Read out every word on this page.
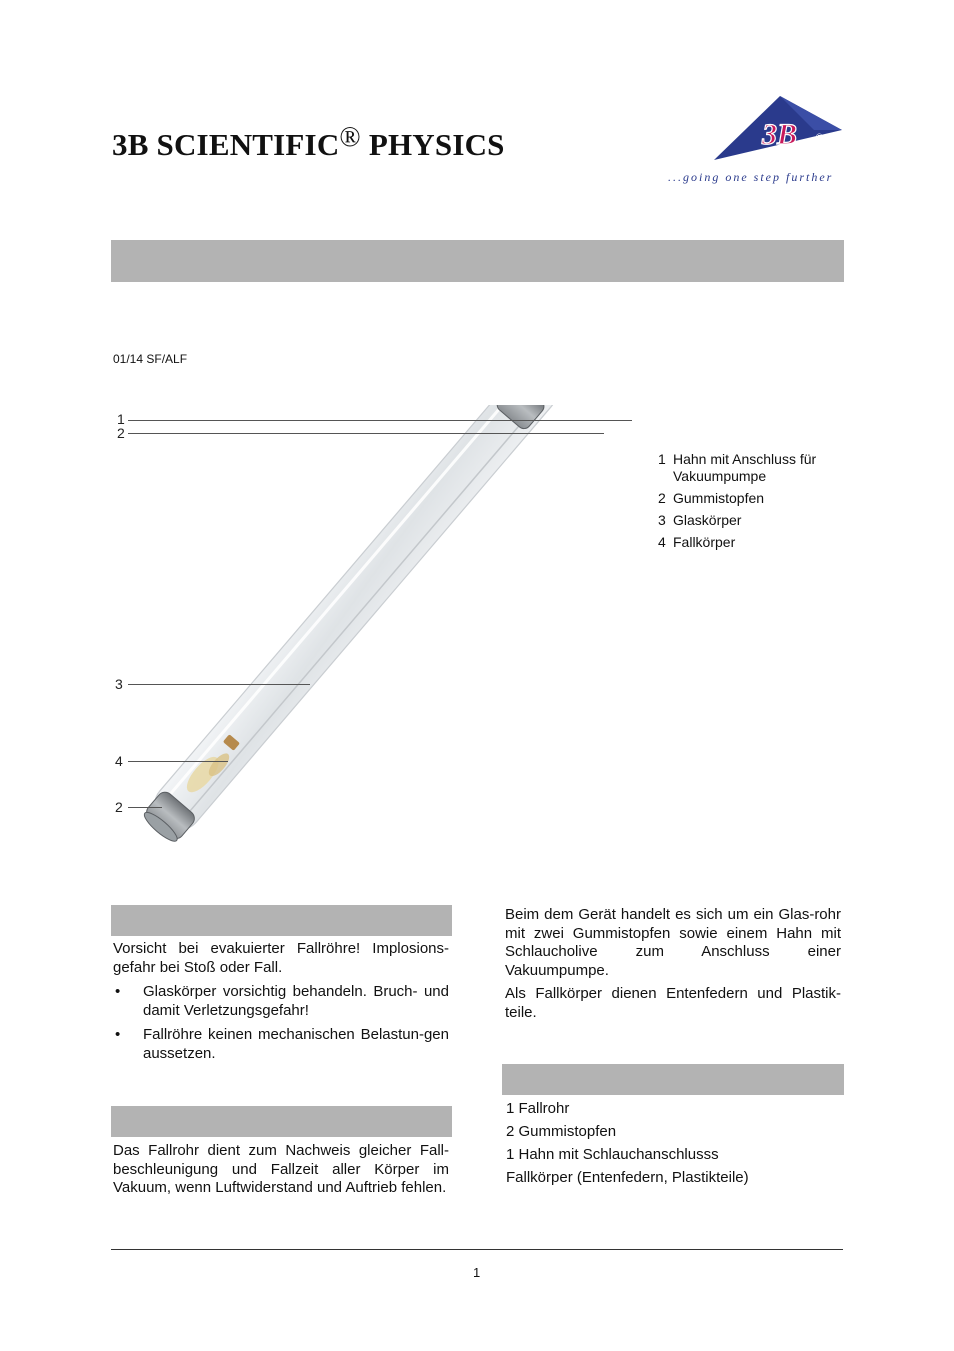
3B SCIENTIFIC® PHYSICS	3B ®
...going one step further
01/14 SF/ALF
1
2
3
4
2
1 Hahn mit Anschluss für Vakuumpumpe
2 Gummistopfen
3 Glaskörper
4 Fallkörper
Vorsicht bei evakuierter Fallröhre! Implosions-gefahr bei Stoß oder Fall.
• Glaskörper vorsichtig behandeln. Bruch- und damit Verletzungsgefahr!
• Fallröhre keinen mechanischen Belastun-gen aussetzen.
Das Fallrohr dient zum Nachweis gleicher Fall-beschleunigung und Fallzeit aller Körper im Vakuum, wenn Luftwiderstand und Auftrieb fehlen.
Beim dem Gerät handelt es sich um ein Glas-rohr mit zwei Gummistopfen sowie einem Hahn mit Schlaucholive zum Anschluss einer Vakuumpumpe.
Als Fallkörper dienen Entenfedern und Plastik-teile.

1 Fallrohr

2 Gummistopfen

1 Hahn mit Schlauchanschlusss

Fallkörper (Entenfedern, Plastikteile)

1
